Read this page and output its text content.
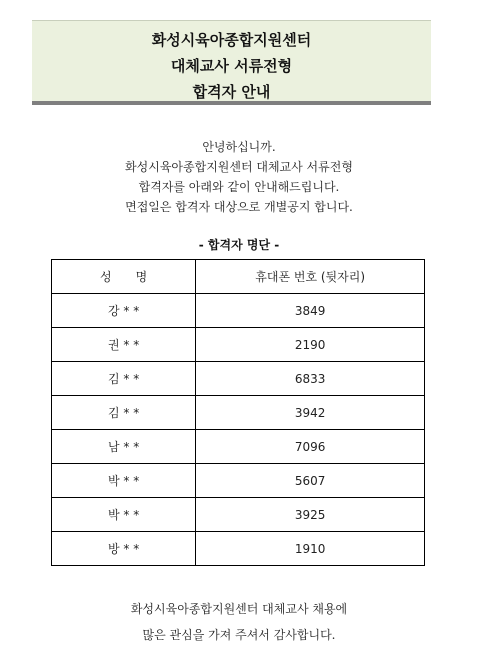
화성시육아종합지원센터
대체교사 서류전형
합격자 안내
안녕하십니까.
화성시육아종합지원센터 대체교사 서류전형
합격자를 아래와 같이 안내해드립니다.
면접일은 합격자 대상으로 개별공지 합니다.
- 합격자 명단 -
성　　명	휴대폰 번호 (뒷자리)
강 * *	3849
권 * *	2190
김 * *	6833
김 * *	3942
남 * *	7096
박 * *	5607
박 * *	3925
방 * *	1910
화성시육아종합지원센터 대체교사 채용에
많은 관심을 가져 주셔서 감사합니다.
